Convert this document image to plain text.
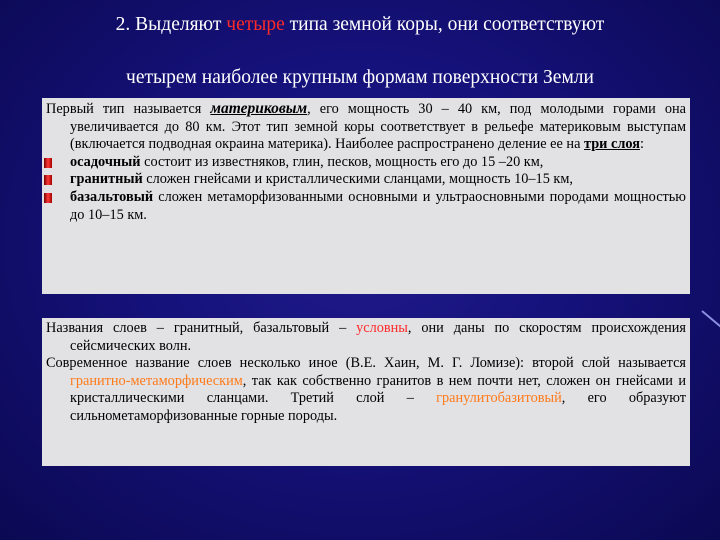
2. Выделяют четыре типа земной коры, они соответствуют
четырем наиболее крупным формам поверхности Земли

Первый тип называется материковым, его мощность 30 – 40 км, под молодыми горами она увеличивается до 80 км. Этот тип земной коры соответствует в рельефе материковым выступам (включается подводная окраина материка). Наиболее распространено деление ее на три слоя:

осадочный состоит из известняков, глин, песков, мощность его до 15 –20 км,

гранитный сложен гнейсами и кристаллическими сланцами, мощность 10–15 км,

базальтовый сложен метаморфизованными основными и ультраосновными породами мощностью до 10–15 км.

Названия слоев – гранитный, базальтовый – условны, они даны по скоростям происхождения сейсмических волн.

Современное название слоев несколько иное (В.Е. Хаин, М. Г. Ломизе): второй слой называется гранитно-метаморфическим, так как собственно гранитов в нем почти нет, сложен он гнейсами и кристаллическими сланцами. Третий слой – гранулитобазитовый, его образуют сильнометаморфизованные горные породы.
